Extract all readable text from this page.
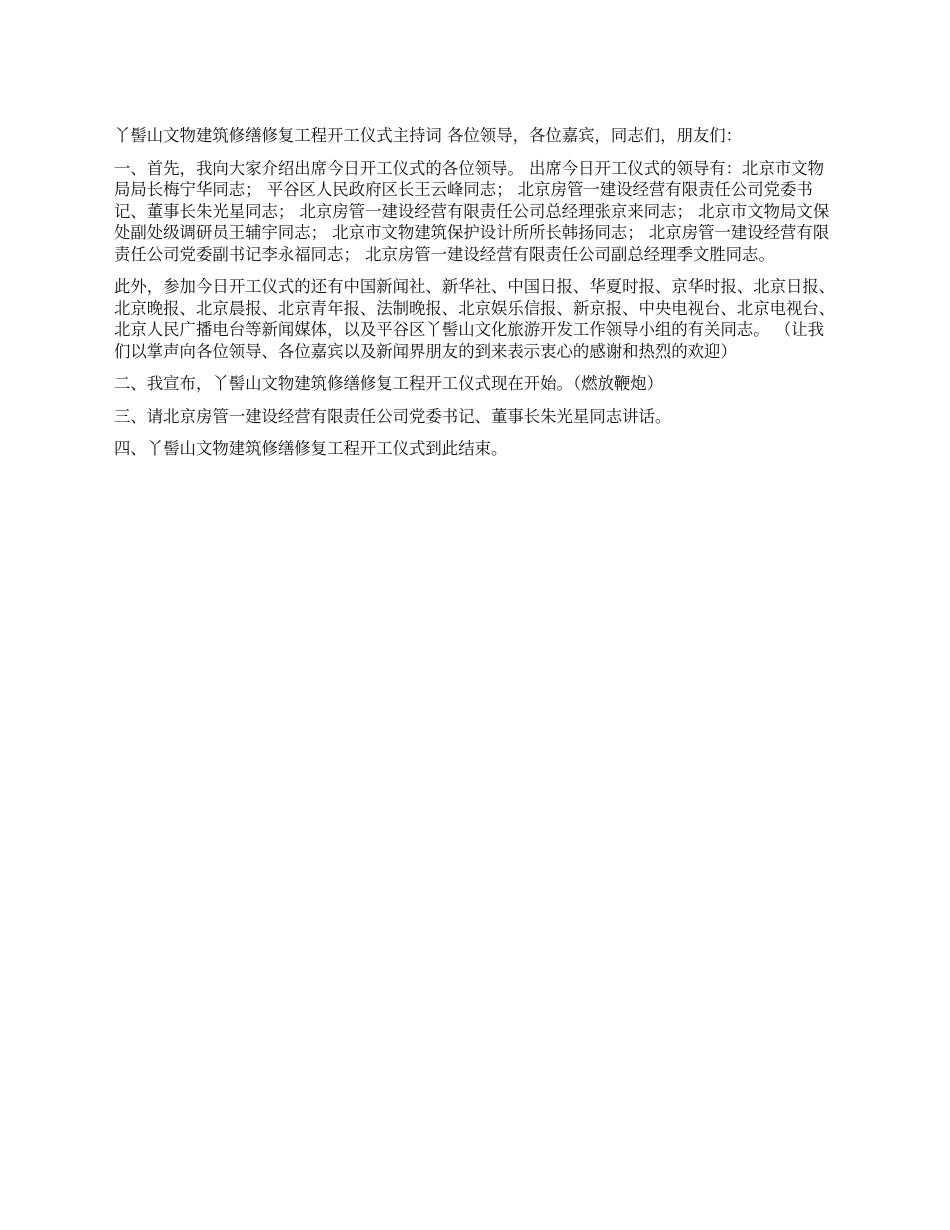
丫髻山文物建筑修缮修复工程开工仪式主持词 各位领导，各位嘉宾，同志们，朋友们：

一、首先，我向大家介绍出席今日开工仪式的各位领导。 出席今日开工仪式的领导有：北京市文物局局长梅宁华同志； 平谷区人民政府区长王云峰同志； 北京房管一建设经营有限责任公司党委书记、董事长朱光星同志； 北京房管一建设经营有限责任公司总经理张京来同志； 北京市文物局文保处副处级调研员王辅宇同志； 北京市文物建筑保护设计所所长韩扬同志； 北京房管一建设经营有限责任公司党委副书记李永福同志； 北京房管一建设经营有限责任公司副总经理季文胜同志。

此外，参加今日开工仪式的还有中国新闻社、新华社、中国日报、华夏时报、京华时报、北京日报、北京晚报、北京晨报、北京青年报、法制晚报、北京娱乐信报、新京报、中央电视台、北京电视台、北京人民广播电台等新闻媒体，以及平谷区丫髻山文化旅游开发工作领导小组的有关同志。 （让我们以掌声向各位领导、各位嘉宾以及新闻界朋友的到来表示衷心的感谢和热烈的欢迎）

二、我宣布，丫髻山文物建筑修缮修复工程开工仪式现在开始。（燃放鞭炮）

三、请北京房管一建设经营有限责任公司党委书记、董事长朱光星同志讲话。

四、丫髻山文物建筑修缮修复工程开工仪式到此结束。
